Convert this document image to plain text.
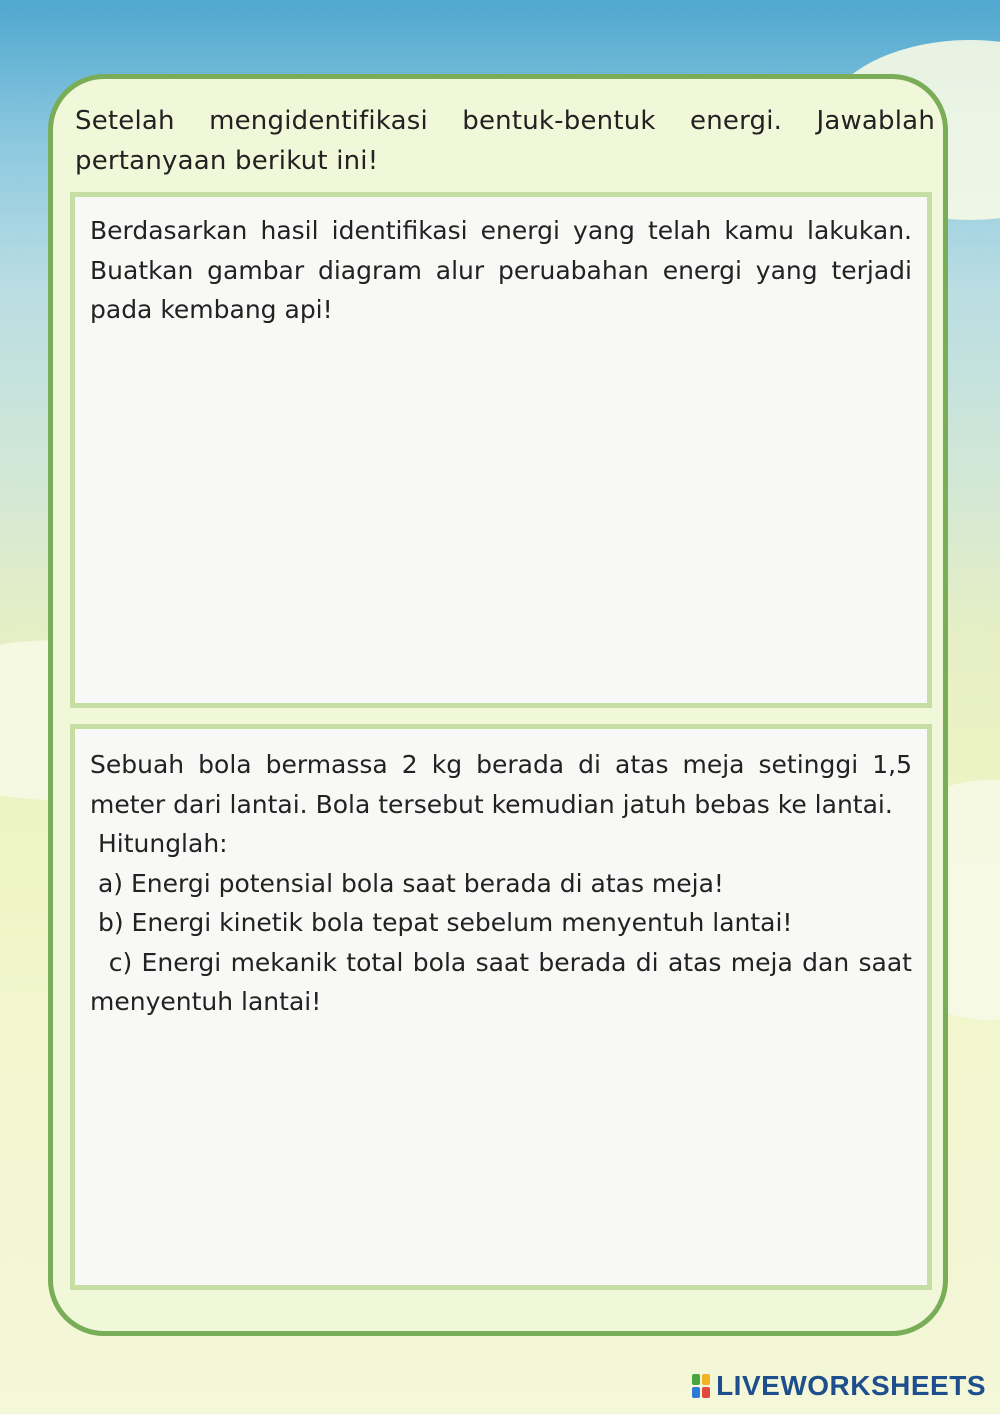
Setelah mengidentifikasi bentuk-bentuk energi. Jawablah pertanyaan berikut ini!

Berdasarkan hasil identifikasi energi yang telah kamu lakukan. Buatkan gambar diagram alur peruabahan energi yang terjadi pada kembang api!

Sebuah bola bermassa 2 kg berada di atas meja setinggi 1,5 meter dari lantai. Bola tersebut kemudian jatuh bebas ke lantai.

Hitunglah:
a) Energi potensial bola saat berada di atas meja!
b) Energi kinetik bola tepat sebelum menyentuh lantai!
c) Energi mekanik total bola saat berada di atas meja dan saat menyentuh lantai!
LIVEWORKSHEETS
